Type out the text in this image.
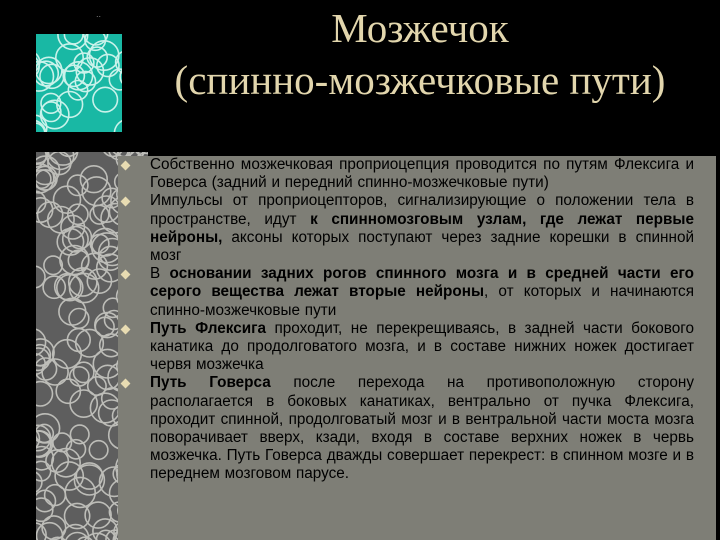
..	Мозжечок
(спинно-мозжечковые пути)
Собственно мозжечковая проприоцепция проводится по путям Флексига и Говерса (задний и передний спинно-мозжечковые пути)
Импульсы от проприоцепторов, сигнализирующие о положении тела в пространстве, идут к спинномозговым узлам, где лежат первые нейроны, аксоны которых поступают через задние корешки в спинной мозг
В основании задних рогов спинного мозга и в средней части его серого вещества лежат вторые нейроны, от которых и начинаются спинно-мозжечковые пути
Путь Флексига проходит, не перекрещиваясь, в задней части бокового канатика до продолговатого мозга, и в составе нижних ножек достигает червя мозжечка
Путь Говерса после перехода на противоположную сторону располагается в боковых канатиках, вентрально от пучка Флексига, проходит спинной, продолговатый мозг и в вентральной части моста мозга поворачивает вверх, кзади, входя в составе верхних ножек в червь мозжечка. Путь Говерса дважды совершает перекрест: в спинном мозге и в переднем мозговом парусе.
